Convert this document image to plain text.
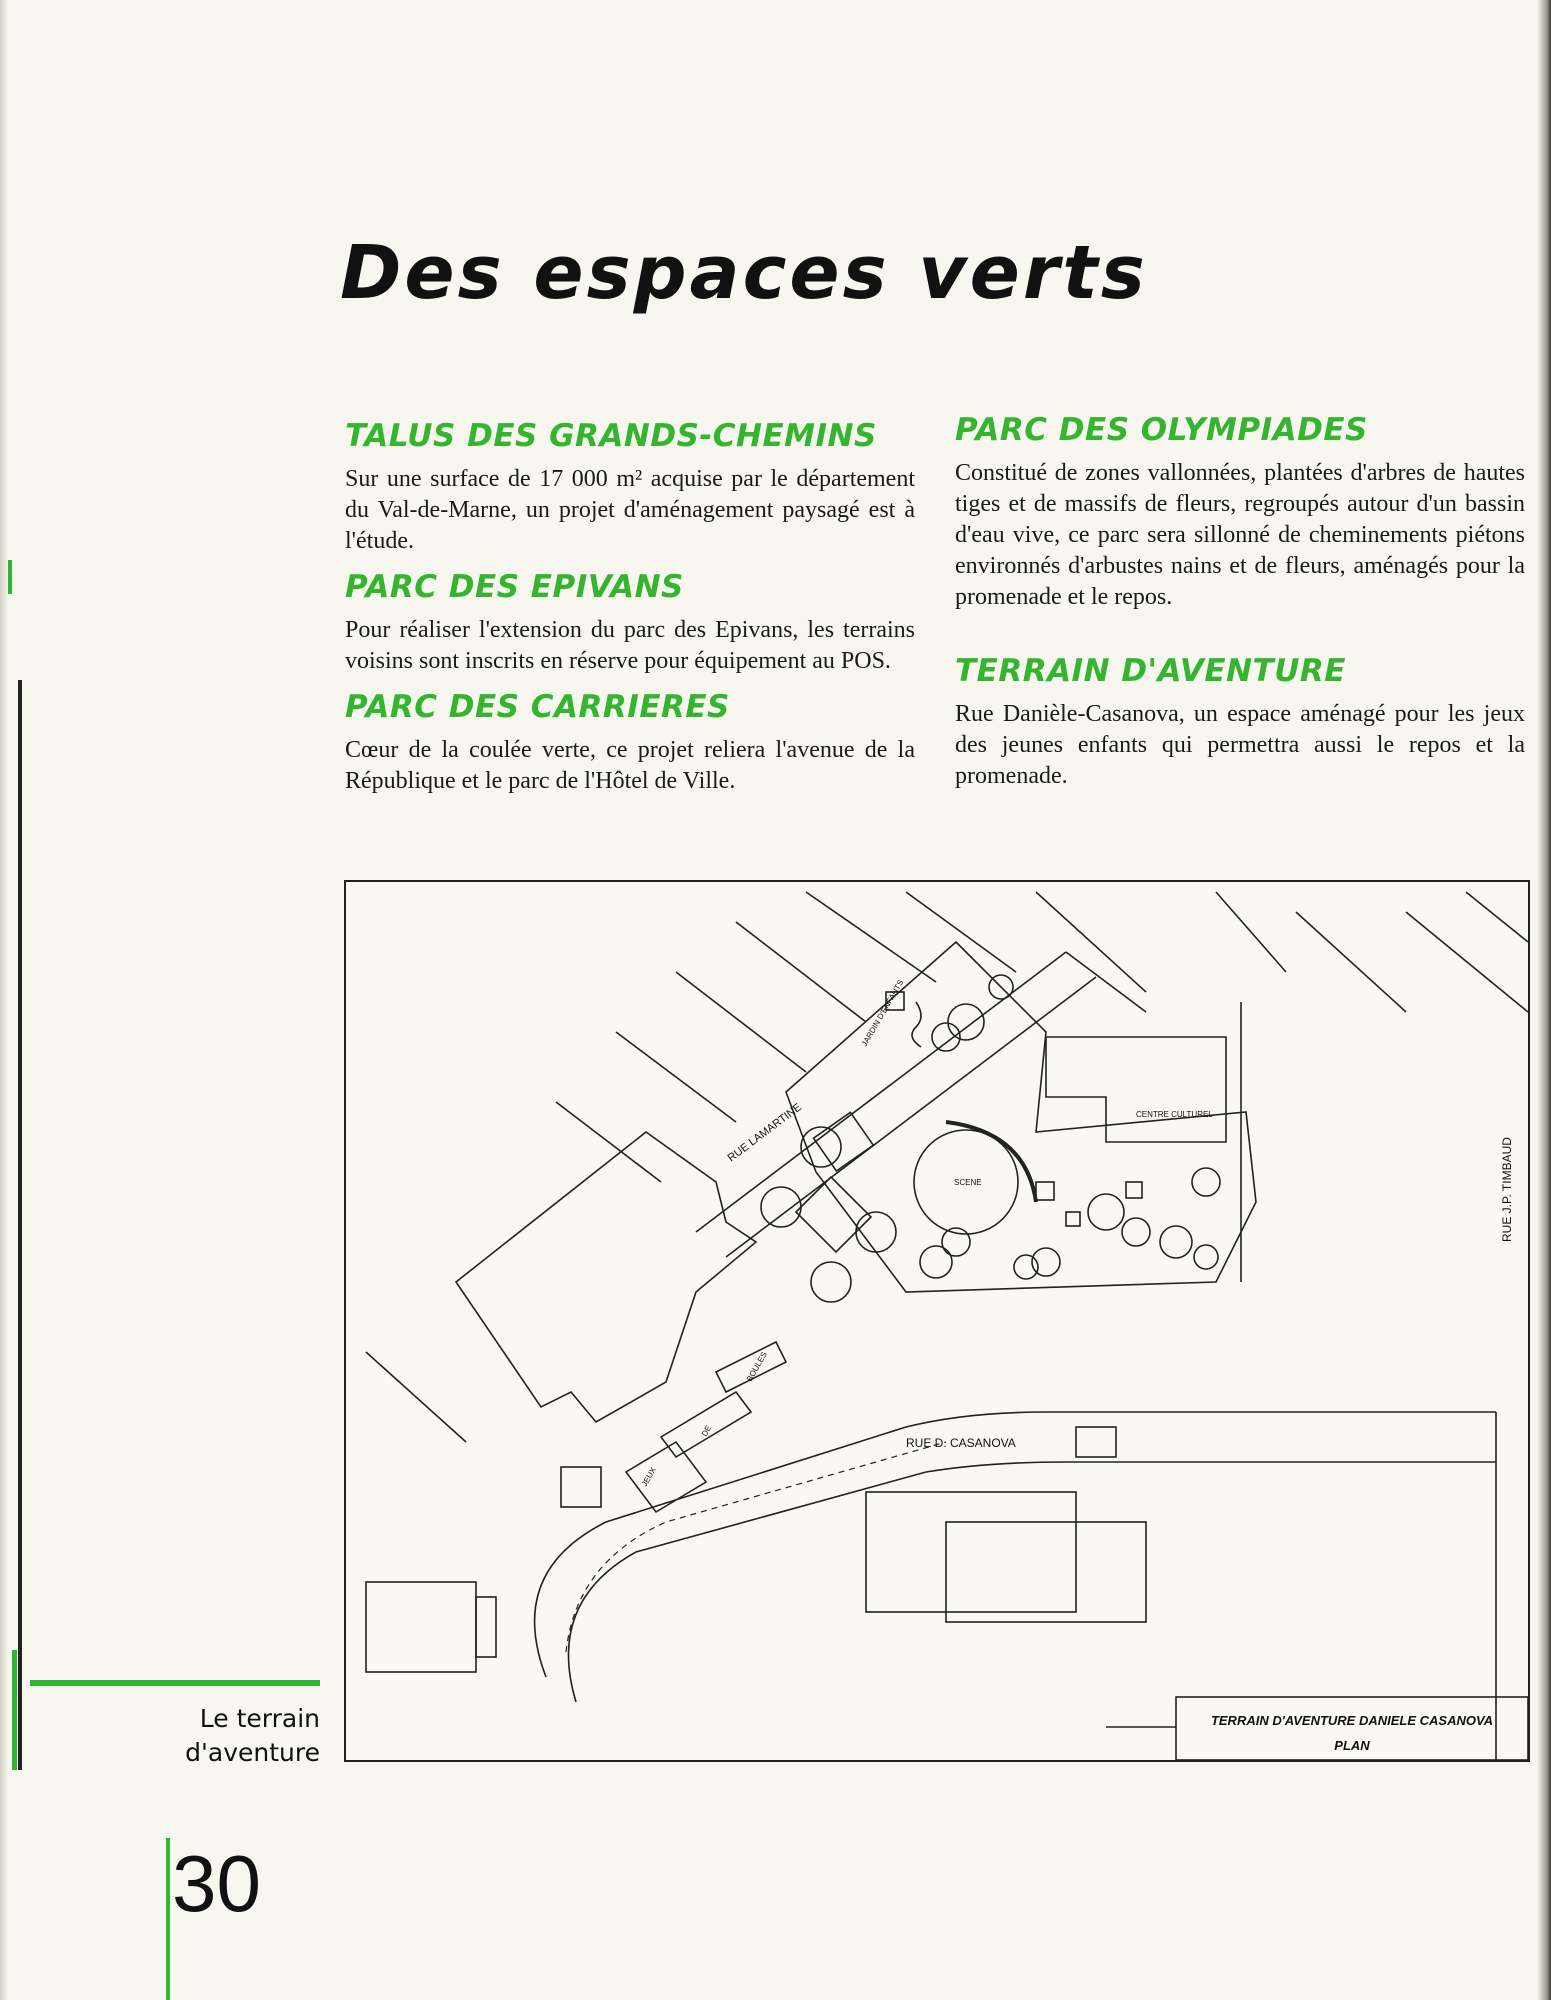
Des espaces verts
TALUS DES GRANDS-CHEMINS

Sur une surface de 17 000 m² acquise par le département du Val-de-Marne, un projet d'aménagement paysagé est à l'étude.

PARC DES EPIVANS

Pour réaliser l'extension du parc des Epivans, les terrains voisins sont inscrits en réserve pour équipement au POS.

PARC DES CARRIERES

Cœur de la coulée verte, ce projet reliera l'avenue de la République et le parc de l'Hôtel de Ville.

PARC DES OLYMPIADES

Constitué de zones vallonnées, plantées d'arbres de hautes tiges et de massifs de fleurs, regroupés autour d'un bassin d'eau vive, ce parc sera sillonné de cheminements piétons environnés d'arbustes nains et de fleurs, aménagés pour la promenade et le repos.

TERRAIN D'AVENTURE

Rue Danièle-Casanova, un espace aménagé pour les jeux des jeunes enfants qui permettra aussi le repos et la promenade.

RUE LAMARTINE
RUE D. CASANOVA
RUE J.P. TIMBAUD
CENTRE CULTUREL
SCENE
JARDIN D'ENFANTS
JEUX
DE
BOULES
TERRAIN D'AVENTURE DANIELE CASANOVA
PLAN
Le terrain
d'aventure
30
